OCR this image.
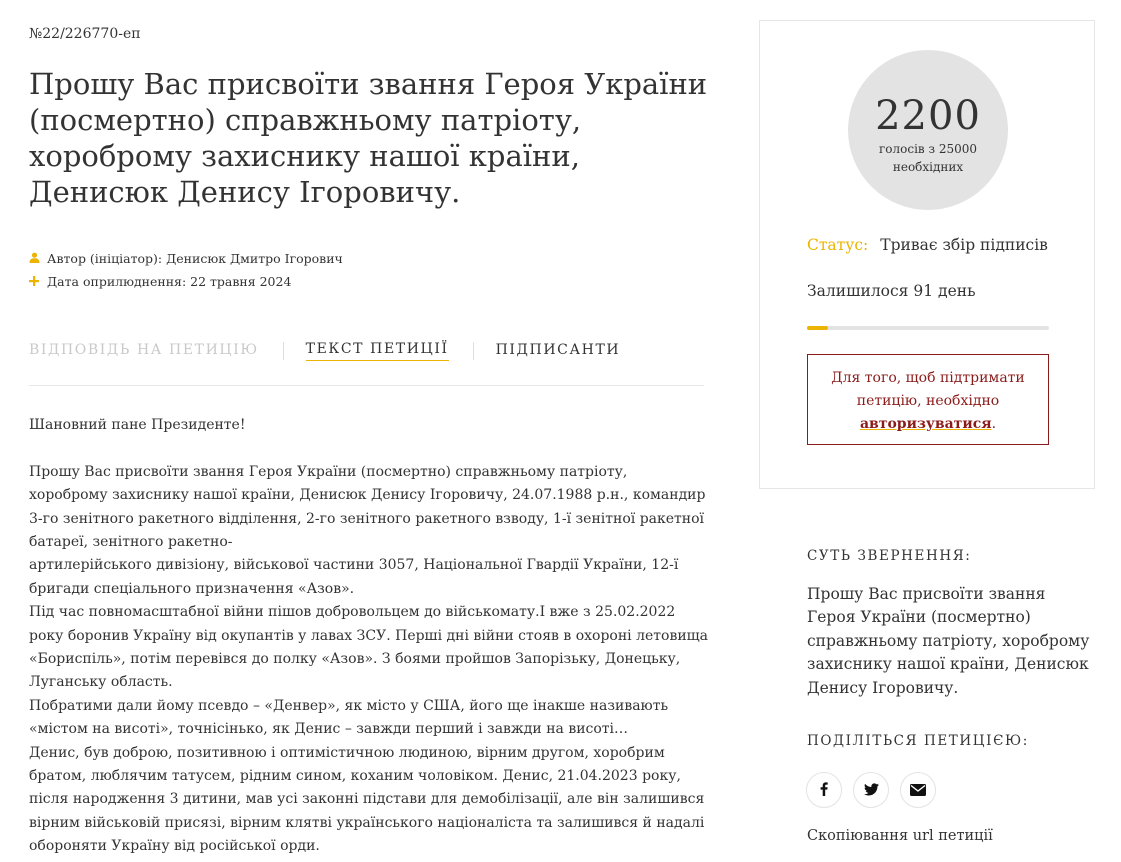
№22/226770-еп
Прошу Вас присвоїти звання Героя України (посмертно) справжньому патріоту, хороброму захиснику нашої країни, Денисюк Денису Ігоровичу.
Автор (ініціатор): Денисюк Дмитро Ігорович
Дата оприлюднення: 22 травня 2024
ВІДПОВІДЬ НА ПЕТИЦІЮ	ТЕКСТ ПЕТИЦІЇ	ПІДПИСАНТИ

Шановний пане Президенте!

Прошу Вас присвоїти звання Героя України (посмертно) справжньому патріоту, хороброму захиснику нашої країни, Денисюк Денису Ігоровичу, 24.07.1988 р.н., командир 3-го зенітного ракетного відділення, 2-го зенітного ракетного взводу, 1-ї зенітної ракетної батареї, зенітного ракетно-

артилерійського дивізіону, військової частини 3057, Національної Гвардії України, 12-ї бригади спеціального призначення «Азов».

Під час повномасштабної війни пішов добровольцем до військомату.І вже з 25.02.2022 року боронив Україну від окупантів у лавах ЗСУ. Перші дні війни стояв в охороні летовища «Бориспіль», потім перевівся до полку «Азов». З боями пройшов Запорізьку, Донецьку, Луганську область.

Побратими дали йому псевдо – «Денвер», як місто у США, його ще інакше називають «містом на висоті», точнісінько, як Денис – завжди перший і завжди на висоті…

Денис, був доброю, позитивною і оптимістичною людиною, вірним другом, хоробрим братом, люблячим татусем, рідним сином, коханим чоловіком. Денис, 21.04.2023 року, після народження 3 дитини, мав усі законні підстави для демобілізації, але він залишився вірним військовій присязі, вірним клятві українського націоналіста та залишився й надалі обороняти Україну від російської орди.

2200
голосів з 25000
необхідних
Статус: Триває збір підписів
Залишилося 91 день
Для того, щоб підтримати
петицію, необхідно
авторизуватися.
СУТЬ ЗВЕРНЕННЯ:
Прошу Вас присвоїти звання Героя України (посмертно) справжньому патріоту, хороброму захиснику нашої країни, Денисюк Денису Ігоровичу.
ПОДІЛІТЬСЯ ПЕТИЦІЄЮ:
Скопіювання url петиції
